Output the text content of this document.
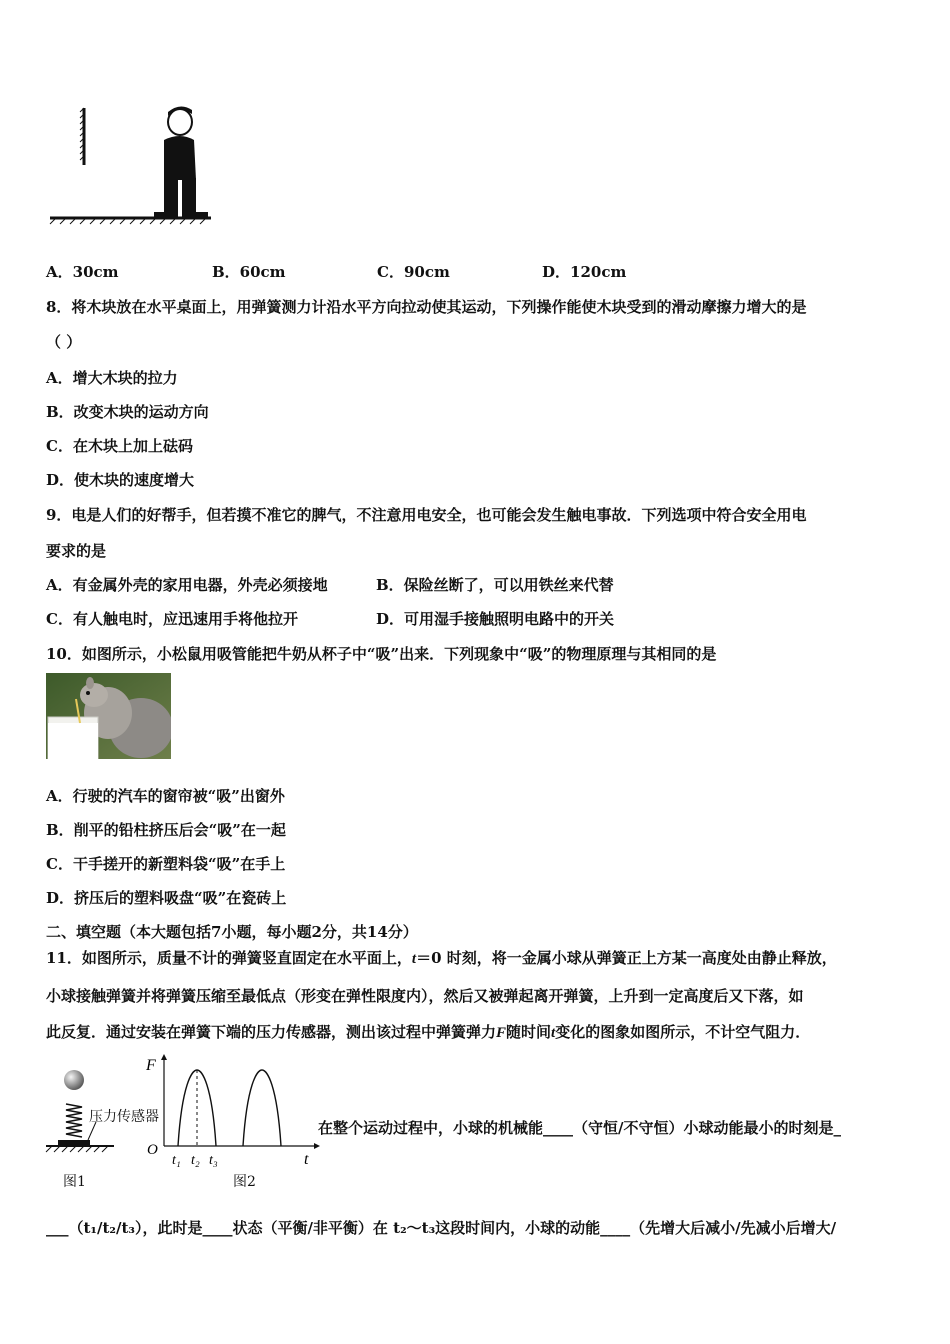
A．30cm	B．60cm	C．90cm	D．120cm
8．将木块放在水平桌面上，用弹簧测力计沿水平方向拉动使其运动，下列操作能使木块受到的滑动摩擦力增大的是
（ ）
A．增大木块的拉力
B．改变木块的运动方向
C．在木块上加上砝码
D．使木块的速度增大
9．电是人们的好帮手，但若摸不准它的脾气，不注意用电安全，也可能会发生触电事故．下列选项中符合安全用电
要求的是
A．有金属外壳的家用电器，外壳必须接地	B．保险丝断了，可以用铁丝来代替
C．有人触电时，应迅速用手将他拉开	D．可用湿手接触照明电路中的开关
10．如图所示，小松鼠用吸管能把牛奶从杯子中“吸”出来．下列现象中“吸”的物理原理与其相同的是
A．行驶的汽车的窗帘被“吸”出窗外
B．削平的铅柱挤压后会“吸”在一起
C．干手搓开的新塑料袋“吸”在手上
D．挤压后的塑料吸盘“吸”在瓷砖上
二、填空题（本大题包括7小题，每小题2分，共14分）
11．如图所示，质量不计的弹簧竖直固定在水平面上，t＝0 时刻，将一金属小球从弹簧正上方某一高度处由静止释放，
小球接触弹簧并将弹簧压缩至最低点（形变在弹性限度内），然后又被弹起离开弹簧，上升到一定高度后又下落，如
此反复．通过安装在弹簧下端的压力传感器，测出该过程中弹簧弹力F随时间t变化的图象如图所示，不计空气阻力．
压力传感器
图1
F
O
t
t₁ t₂ t₃
图2
在整个运动过程中，小球的机械能____（守恒/不守恒）小球动能最小的时刻是_
___（t₁/t₂/t₃），此时是____状态（平衡/非平衡）在 t₂～t₃这段时间内，小球的动能____（先增大后减小/先减小后增大/
